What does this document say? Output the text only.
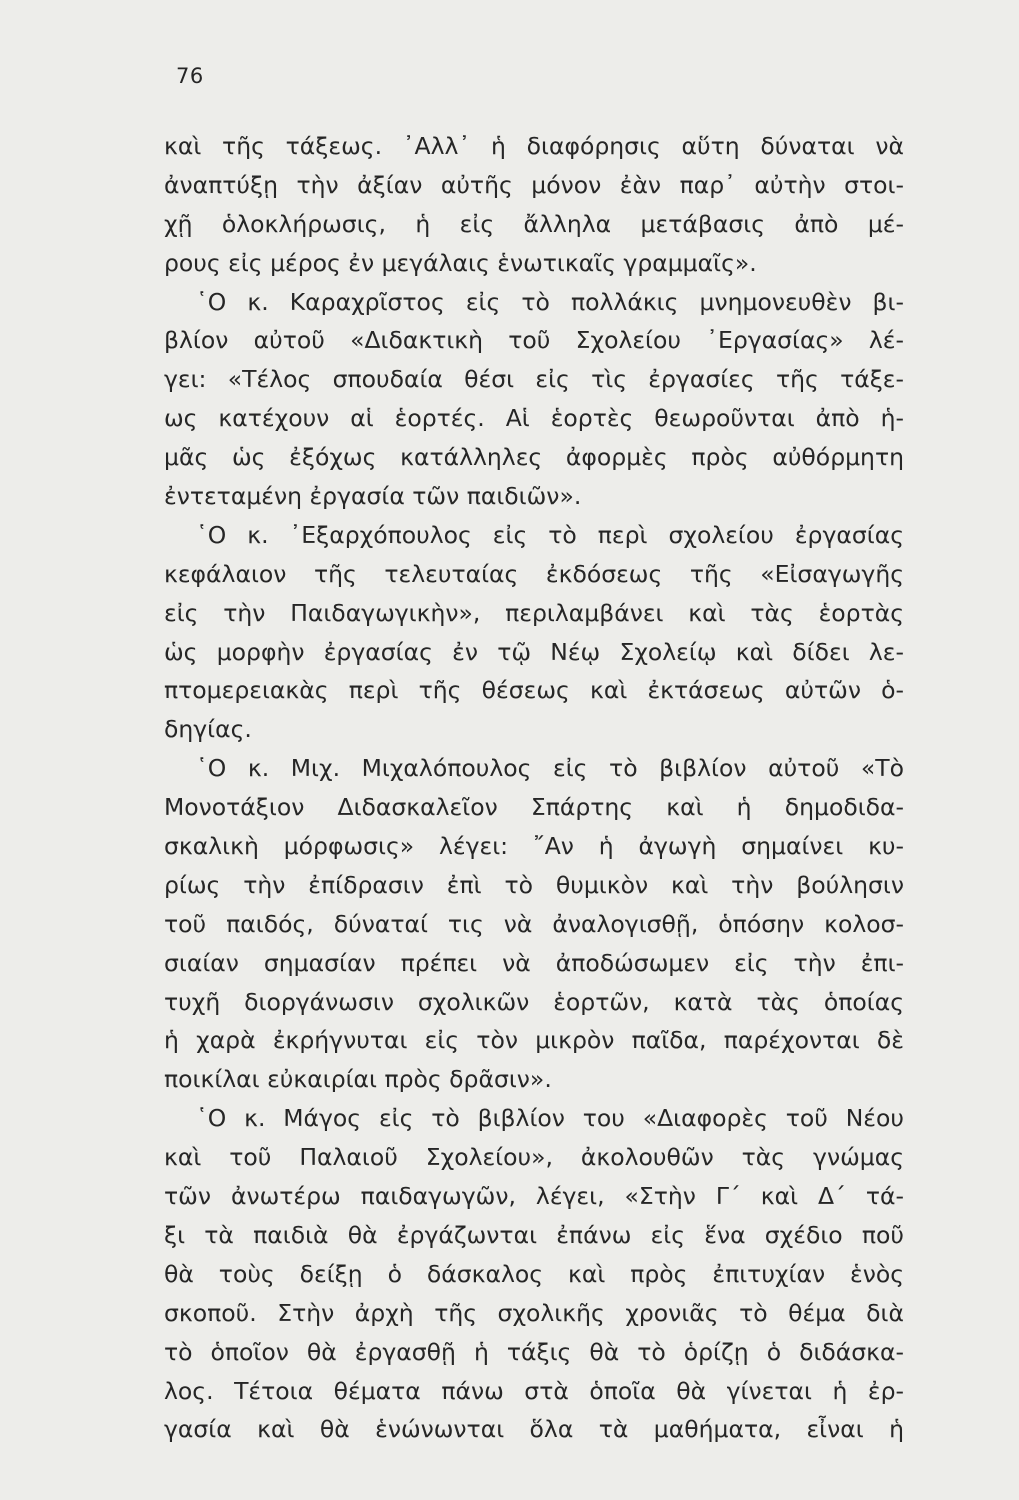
76
καὶ τῆς τάξεως. ᾿Αλλ᾿ ἡ διαφόρησις αὕτη δύναται νὰ
ἀναπτύξῃ τὴν ἀξίαν αὐτῆς μόνον ἐὰν παρ᾿ αὐτὴν στοι-
χῇ ὁλοκλήρωσις, ἡ εἰς ἄλληλα μετάβασις ἀπὸ μέ-
ρους εἰς μέρος ἐν μεγάλαις ἑνωτικαῖς γραμμαῖς».
῾Ο κ. Καραχρῖστος εἰς τὸ πολλάκις μνημονευθὲν βι-
βλίον αὐτοῦ «Διδακτικὴ τοῦ Σχολείου ᾿Εργασίας» λέ-
γει: «Τέλος σπουδαία θέσι εἰς τὶς ἐργασίες τῆς τάξε-
ως κατέχουν αἱ ἑορτές. Αἱ ἑορτὲς θεωροῦνται ἀπὸ ἡ-
μᾶς ὡς ἐξόχως κατάλληλες ἀφορμὲς πρὸς αὐθόρμητη
ἐντεταμένη ἐργασία τῶν παιδιῶν».
῾Ο κ. ᾿Εξαρχόπουλος εἰς τὸ περὶ σχολείου ἐργασίας
κεφάλαιον τῆς τελευταίας ἐκδόσεως τῆς «Εἰσαγωγῆς
εἰς τὴν Παιδαγωγικὴν», περιλαμβάνει καὶ τὰς ἑορτὰς
ὡς μορφὴν ἐργασίας ἐν τῷ Νέῳ Σχολείῳ καὶ δίδει λε-
πτομερειακὰς περὶ τῆς θέσεως καὶ ἐκτάσεως αὐτῶν ὁ-
δηγίας.
῾Ο κ. Μιχ. Μιχαλόπουλος εἰς τὸ βιβλίον αὐτοῦ «Τὸ
Μονοτάξιον Διδασκαλεῖον Σπάρτης καὶ ἡ δημοδιδα-
σκαλικὴ μόρφωσις» λέγει: ῎Αν ἡ ἀγωγὴ σημαίνει κυ-
ρίως τὴν ἐπίδρασιν ἐπὶ τὸ θυμικὸν καὶ τὴν βούλησιν
τοῦ παιδός, δύναταί τις νὰ ἀναλογισθῇ, ὁπόσην κολοσ-
σιαίαν σημασίαν πρέπει νὰ ἀποδώσωμεν εἰς τὴν ἐπι-
τυχῆ διοργάνωσιν σχολικῶν ἑορτῶν, κατὰ τὰς ὁποίας
ἡ χαρὰ ἐκρήγνυται εἰς τὸν μικρὸν παῖδα, παρέχονται δὲ
ποικίλαι εὐκαιρίαι πρὸς δρᾶσιν».
῾Ο κ. Μάγος εἰς τὸ βιβλίον του «Διαφορὲς τοῦ Νέου
καὶ τοῦ Παλαιοῦ Σχολείου», ἀκολουθῶν τὰς γνώμας
τῶν ἀνωτέρω παιδαγωγῶν, λέγει, «Στὴν Γ΄ καὶ Δ΄ τά-
ξι τὰ παιδιὰ θὰ ἐργάζωνται ἐπάνω εἰς ἕνα σχέδιο ποῦ
θὰ τοὺς δείξῃ ὁ δάσκαλος καὶ πρὸς ἐπιτυχίαν ἑνὸς
σκοποῦ. Στὴν ἀρχὴ τῆς σχολικῆς χρονιᾶς τὸ θέμα διὰ
τὸ ὁποῖον θὰ ἐργασθῇ ἡ τάξις θὰ τὸ ὁρίζῃ ὁ διδάσκα-
λος. Τέτοια θέματα πάνω στὰ ὁποῖα θὰ γίνεται ἡ ἐρ-
γασία καὶ θὰ ἑνώνωνται ὅλα τὰ μαθήματα, εἶναι ἡ
